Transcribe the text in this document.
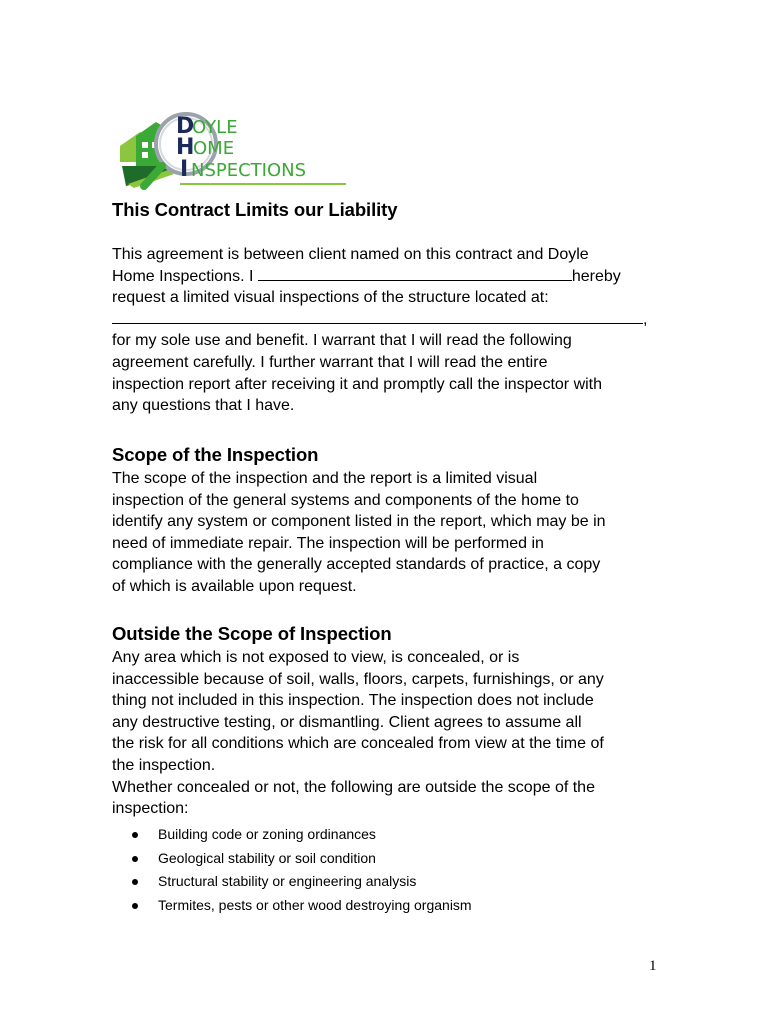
D
OYLE
H
OME
I NSPECTIONS
This Contract Limits our Liability
This agreement is between client named on this contract and Doyle
Home Inspections. I	hereby
request a limited visual inspections of the structure located at:
,
for my sole use and benefit. I warrant that I will read the following
agreement carefully. I further warrant that I will read the entire
inspection report after receiving it and promptly call the inspector with
any questions that I have.
Scope of the Inspection
The scope of the inspection and the report is a limited visual
inspection of the general systems and components of the home to
identify any system or component listed in the report, which may be in
need of immediate repair. The inspection will be performed in
compliance with the generally accepted standards of practice, a copy
of which is available upon request.
Outside the Scope of Inspection
Any area which is not exposed to view, is concealed, or is
inaccessible because of soil, walls, floors, carpets, furnishings, or any
thing not included in this inspection. The inspection does not include
any destructive testing, or dismantling. Client agrees to assume all
the risk for all conditions which are concealed from view at the time of
the inspection.
Whether concealed or not, the following are outside the scope of the
inspection:
Building code or zoning ordinances
Geological stability or soil condition
Structural stability or engineering analysis
Termites, pests or other wood destroying organism
1
